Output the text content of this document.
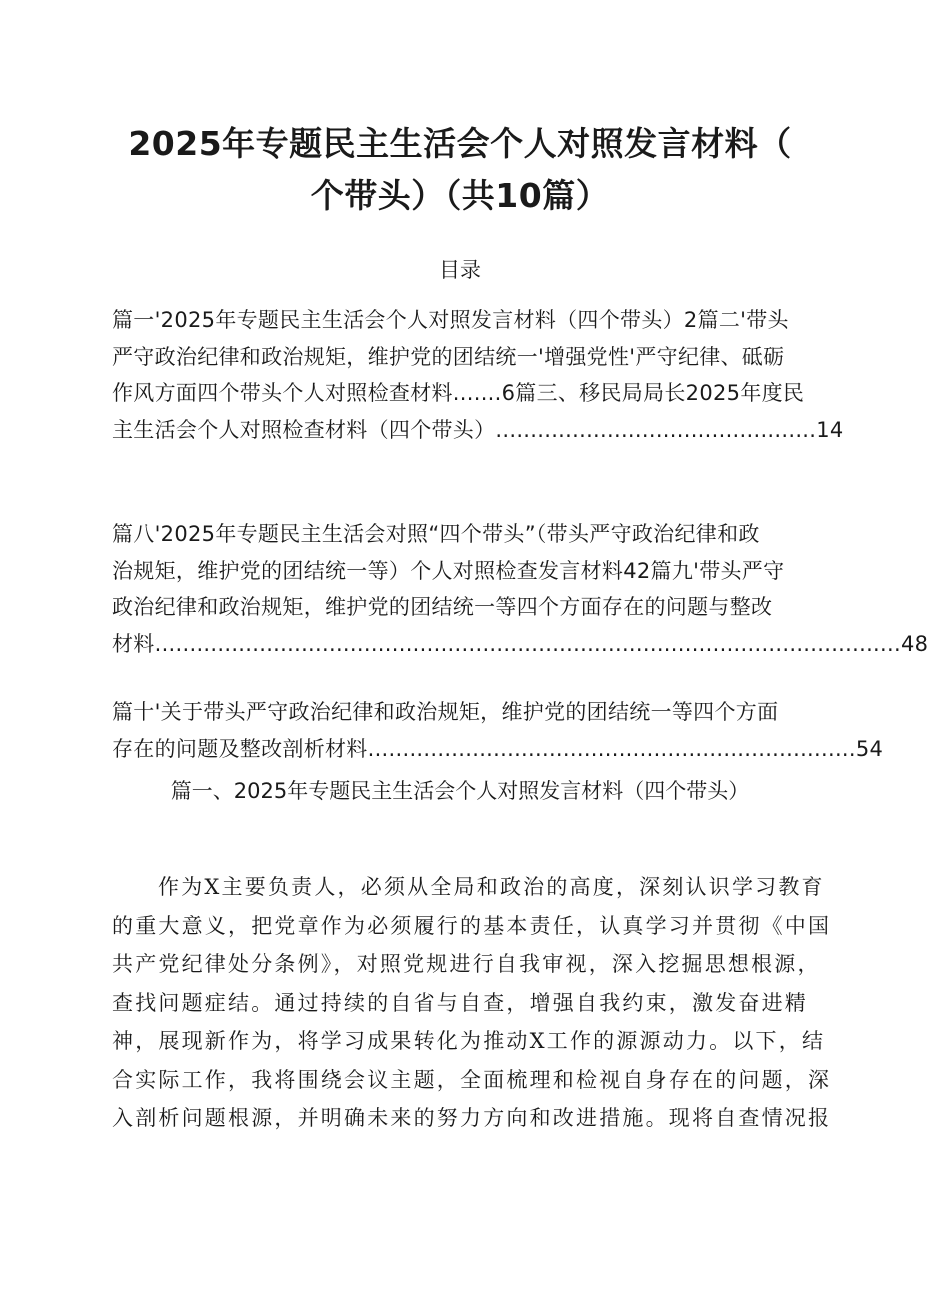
2025年专题民主生活会个人对照发言材料（
个带头）（共10篇）
目录
篇一'2025年专题民主生活会个人对照发言材料（四个带头）2篇二'带头
严守政治纪律和政治规矩，维护党的团结统一'增强党性'严守纪律、砥砺
作风方面四个带头个人对照检查材料.......6篇三、移民局局长2025年度民
主生活会个人对照检查材料（四个带头）..............................................14
篇八'2025年专题民主生活会对照“四个带头”（带头严守政治纪律和政
治规矩，维护党的团结统一等）个人对照检查发言材料42篇九'带头严守
政治纪律和政治规矩，维护党的团结统一等四个方面存在的问题与整改
材料...........................................................................................................48
篇十'关于带头严守政治纪律和政治规矩，维护党的团结统一等四个方面
存在的问题及整改剖析材料......................................................................54
篇一、2025年专题民主生活会个人对照发言材料（四个带头）
作为X主要负责人，必须从全局和政治的高度，深刻认识学习教育
的重大意义，把党章作为必须履行的基本责任，认真学习并贯彻《中国
共产党纪律处分条例》，对照党规进行自我审视，深入挖掘思想根源，
查找问题症结。通过持续的自省与自查，增强自我约束，激发奋进精
神，展现新作为，将学习成果转化为推动X工作的源源动力。以下，结
合实际工作，我将围绕会议主题，全面梳理和检视自身存在的问题，深
入剖析问题根源，并明确未来的努力方向和改进措施。现将自查情况报
